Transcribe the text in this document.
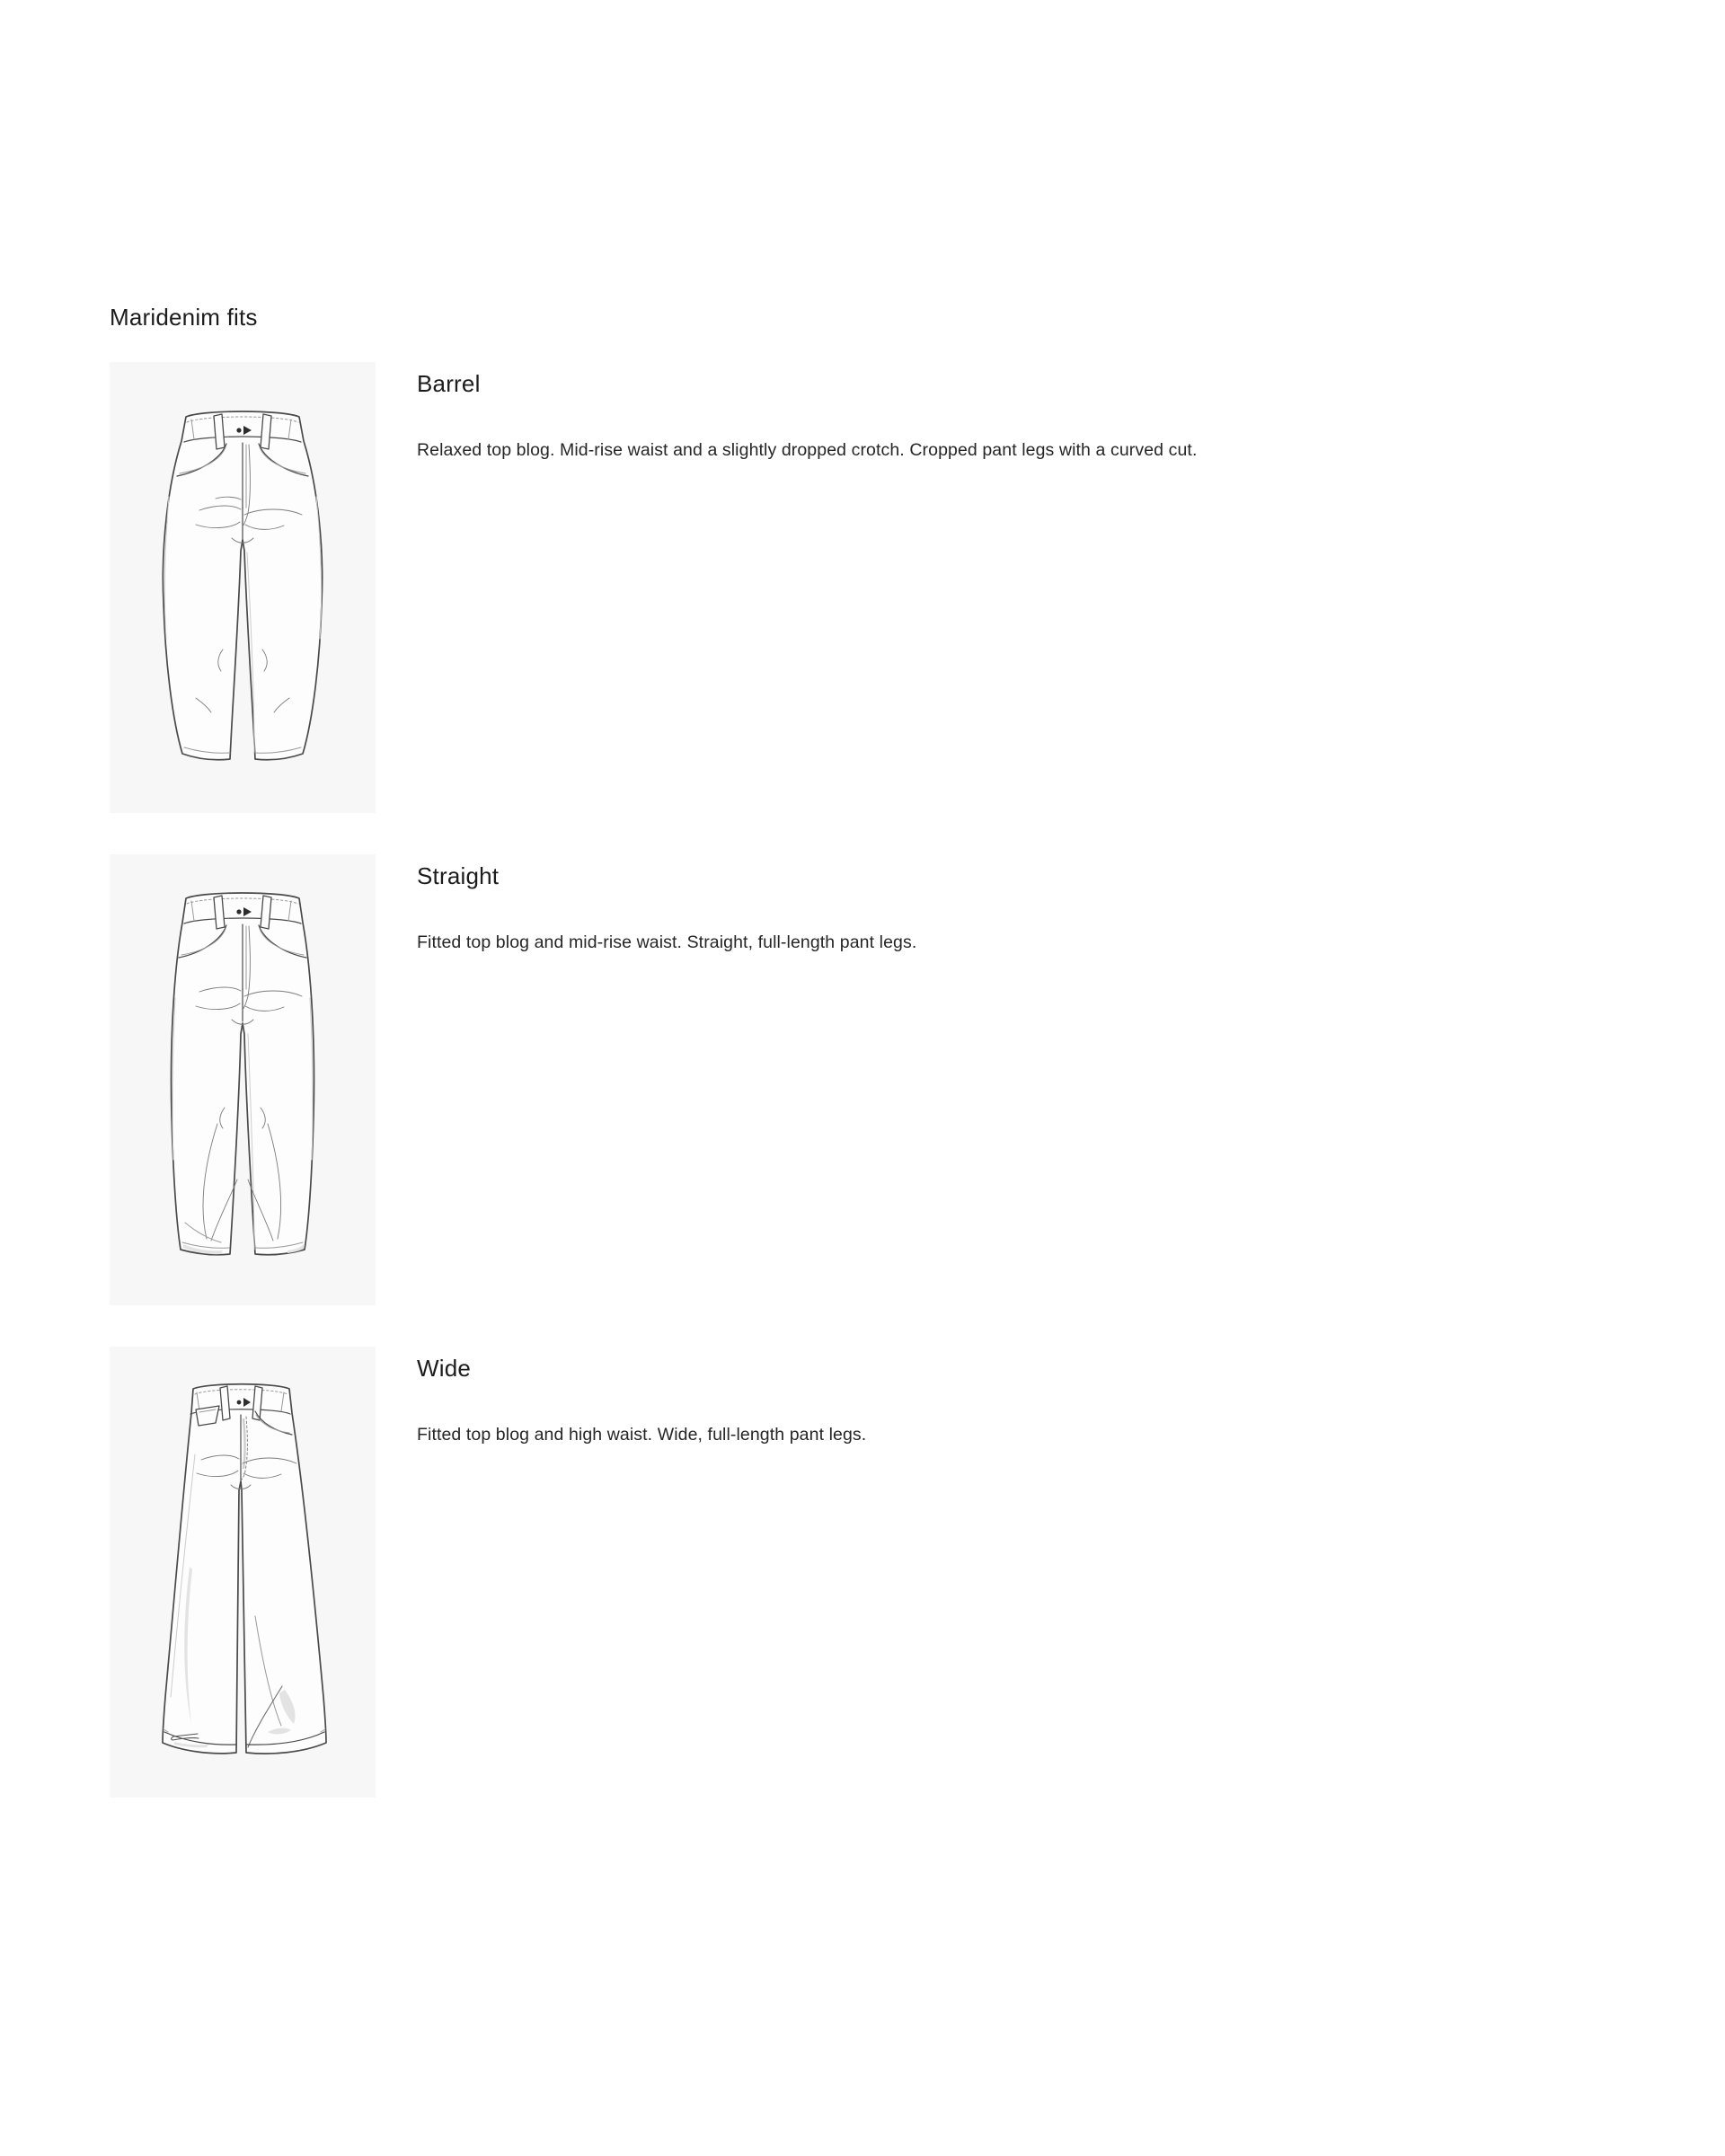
Maridenim fits
Barrel

Relaxed top blog. Mid-rise waist and a slightly dropped crotch. Cropped pant legs with a curved cut.

Straight

Fitted top blog and mid-rise waist. Straight, full-length pant legs.

Wide

Fitted top blog and high waist. Wide, full-length pant legs.
